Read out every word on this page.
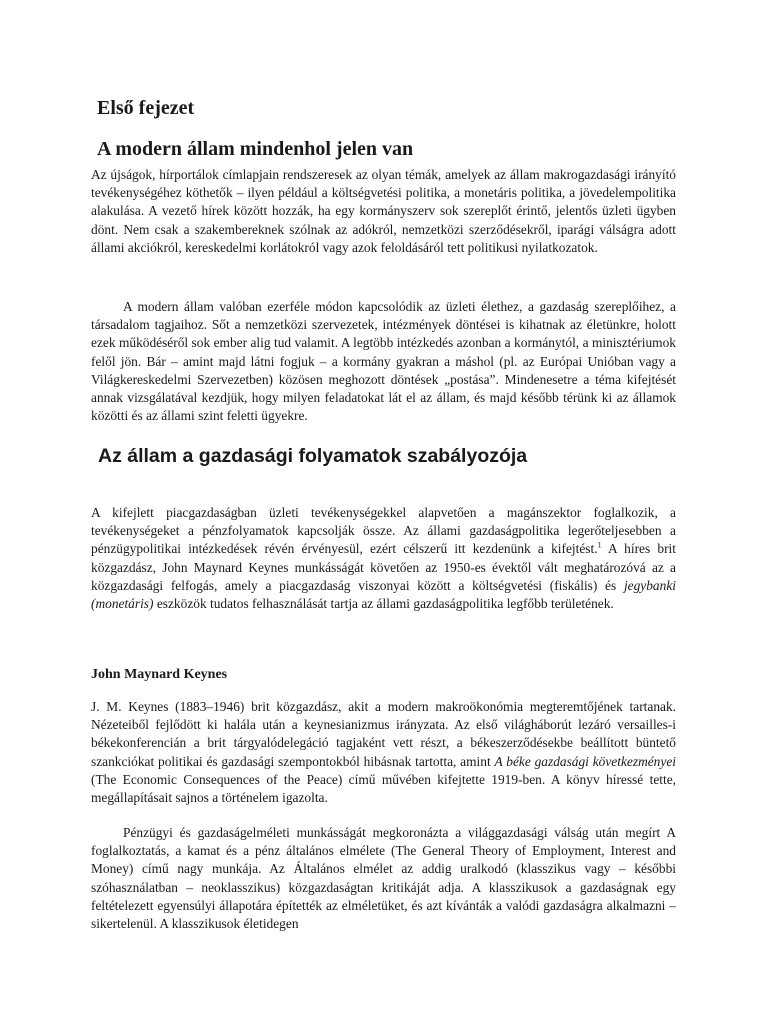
Első fejezet
A modern állam mindenhol jelen van

Az újságok, hírportálok címlapjain rendszeresek az olyan témák, amelyek az állam makrogazdasági irányító tevékenységéhez köthetők – ilyen például a költségvetési politika, a monetáris politika, a jövedelempolitika alakulása. A vezető hírek között hozzák, ha egy kormányszerv sok szereplőt érintő, jelentős üzleti ügyben dönt. Nem csak a szakembereknek szólnak az adókról, nemzetközi szerződésekről, iparági válságra adott állami akciókról, kereskedelmi korlátokról vagy azok feloldásáról tett politikusi nyilatkozatok.

A modern állam valóban ezerféle módon kapcsolódik az üzleti élethez, a gazdaság szereplőihez, a társadalom tagjaihoz. Sőt a nemzetközi szervezetek, intézmények döntései is kihatnak az életünkre, holott ezek működéséről sok ember alig tud valamit. A legtöbb intézkedés azonban a kormánytól, a minisztériumok felől jön. Bár – amint majd látni fogjuk – a kormány gyakran a máshol (pl. az Európai Unióban vagy a Világkereskedelmi Szervezetben) közösen meghozott döntések „postása”. Mindenesetre a téma kifejtését annak vizsgálatával kezdjük, hogy milyen feladatokat lát el az állam, és majd később térünk ki az államok közötti és az állami szint feletti ügyekre.

Az állam a gazdasági folyamatok szabályozója

A kifejlett piacgazdaságban üzleti tevékenységekkel alapvetően a magánszektor foglalkozik, a tevékenységeket a pénzfolyamatok kapcsolják össze. Az állami gazdaságpolitika legerőteljesebben a pénzügypolitikai intézkedések révén érvényesül, ezért célszerű itt kezdenünk a kifejtést.$^1$ A híres brit közgazdász, John Maynard Keynes munkásságát követően az 1950-es évektől vált meghatározóvá az a közgazdasági felfogás, amely a piacgazdaság viszonyai között a költségvetési (fiskális) és jegybanki (monetáris) eszközök tudatos felhasználását tartja az állami gazdaságpolitika legfőbb területének.

John Maynard Keynes

J. M. Keynes (1883–1946) brit közgazdász, akit a modern makroökonómia megteremtőjének tartanak. Nézeteiből fejlődött ki halála után a keynesianizmus irányzata. Az első világháborút lezáró versailles-i békekonferencián a brit tárgyalódelegáció tagjaként vett részt, a békeszerződésekbe beállított büntető szankciókat politikai és gazdasági szempontokból hibásnak tartotta, amint A béke gazdasági következményei (The Economic Consequences of the Peace) című művében kifejtette 1919-ben. A könyv híressé tette, megállapításait sajnos a történelem igazolta.

Pénzügyi és gazdaságelméleti munkásságát megkoronázta a világgazdasági válság után megírt A foglalkoztatás, a kamat és a pénz általános elmélete (The General Theory of Employment, Interest and Money) című nagy munkája. Az Általános elmélet az addig uralkodó (klasszikus vagy – későbbi szóhasználatban – neoklasszikus) közgazdaságtan kritikáját adja. A klasszikusok a gazdaságnak egy feltételezett egyensúlyi állapotára építették az elméletüket, és azt kívánták a valódi gazdaságra alkalmazni – sikertelenül. A klasszikusok életidegen
